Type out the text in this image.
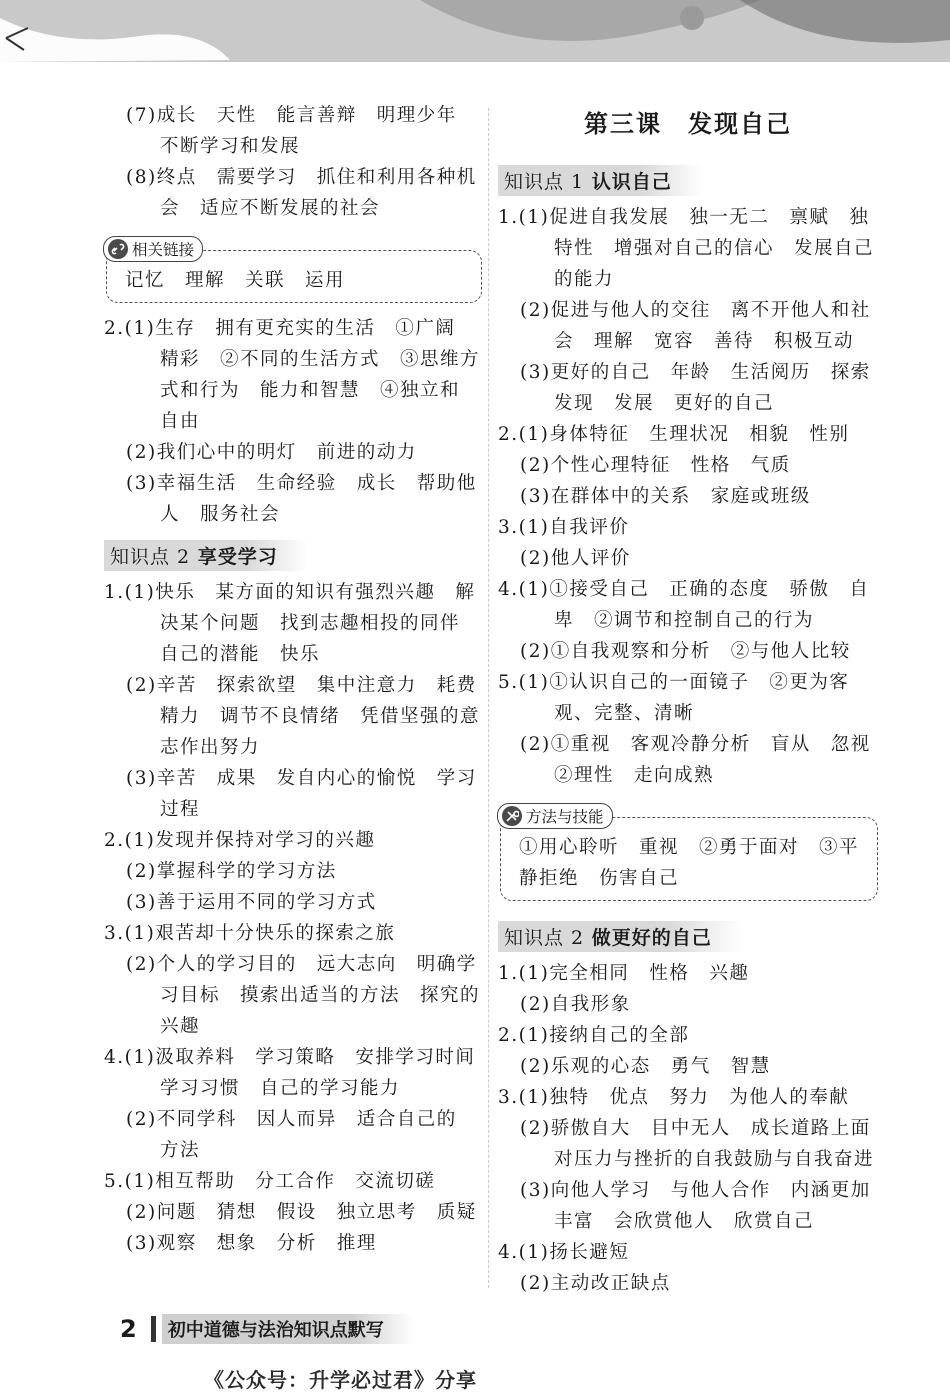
(7)成长　天性　能言善辩　明理少年
不断学习和发展
(8)终点　需要学习　抓住和利用各种机
会　适应不断发展的社会
相关链接
记忆　理解　关联　运用
2.(1)生存　拥有更充实的生活　①广阔
精彩　②不同的生活方式　③思维方
式和行为　能力和智慧　④独立和
自由
(2)我们心中的明灯　前进的动力
(3)幸福生活　生命经验　成长　帮助他
人　服务社会
知识点 2 享受学习
1.(1)快乐　某方面的知识有强烈兴趣　解
决某个问题　找到志趣相投的同伴
自己的潜能　快乐
(2)辛苦　探索欲望　集中注意力　耗费
精力　调节不良情绪　凭借坚强的意
志作出努力
(3)辛苦　成果　发自内心的愉悦　学习
过程
2.(1)发现并保持对学习的兴趣
(2)掌握科学的学习方法
(3)善于运用不同的学习方式
3.(1)艰苦却十分快乐的探索之旅
(2)个人的学习目的　远大志向　明确学
习目标　摸索出适当的方法　探究的
兴趣
4.(1)汲取养料　学习策略　安排学习时间
学习习惯　自己的学习能力
(2)不同学科　因人而异　适合自己的
方法
5.(1)相互帮助　分工合作　交流切磋
(2)问题　猜想　假设　独立思考　质疑
(3)观察　想象　分析　推理
第三课　发现自己
知识点 1 认识自己
1.(1)促进自我发展　独一无二　禀赋　独
特性　增强对自己的信心　发展自己
的能力
(2)促进与他人的交往　离不开他人和社
会　理解　宽容　善待　积极互动
(3)更好的自己　年龄　生活阅历　探索
发现　发展　更好的自己
2.(1)身体特征　生理状况　相貌　性别
(2)个性心理特征　性格　气质
(3)在群体中的关系　家庭或班级
3.(1)自我评价
(2)他人评价
4.(1)①接受自己　正确的态度　骄傲　自
卑　②调节和控制自己的行为
(2)①自我观察和分析　②与他人比较
5.(1)①认识自己的一面镜子　②更为客
观、完整、清晰
(2)①重视　客观冷静分析　盲从　忽视
②理性　走向成熟
方法与技能
①用心聆听　重视　②勇于面对　③平
静拒绝　伤害自己
知识点 2 做更好的自己
1.(1)完全相同　性格　兴趣
(2)自我形象
2.(1)接纳自己的全部
(2)乐观的心态　勇气　智慧
3.(1)独特　优点　努力　为他人的奉献
(2)骄傲自大　目中无人　成长道路上面
对压力与挫折的自我鼓励与自我奋进
(3)向他人学习　与他人合作　内涵更加
丰富　会欣赏他人　欣赏自己
4.(1)扬长避短
(2)主动改正缺点
2	初中道德与法治知识点默写
《公众号：升学必过君》分享
